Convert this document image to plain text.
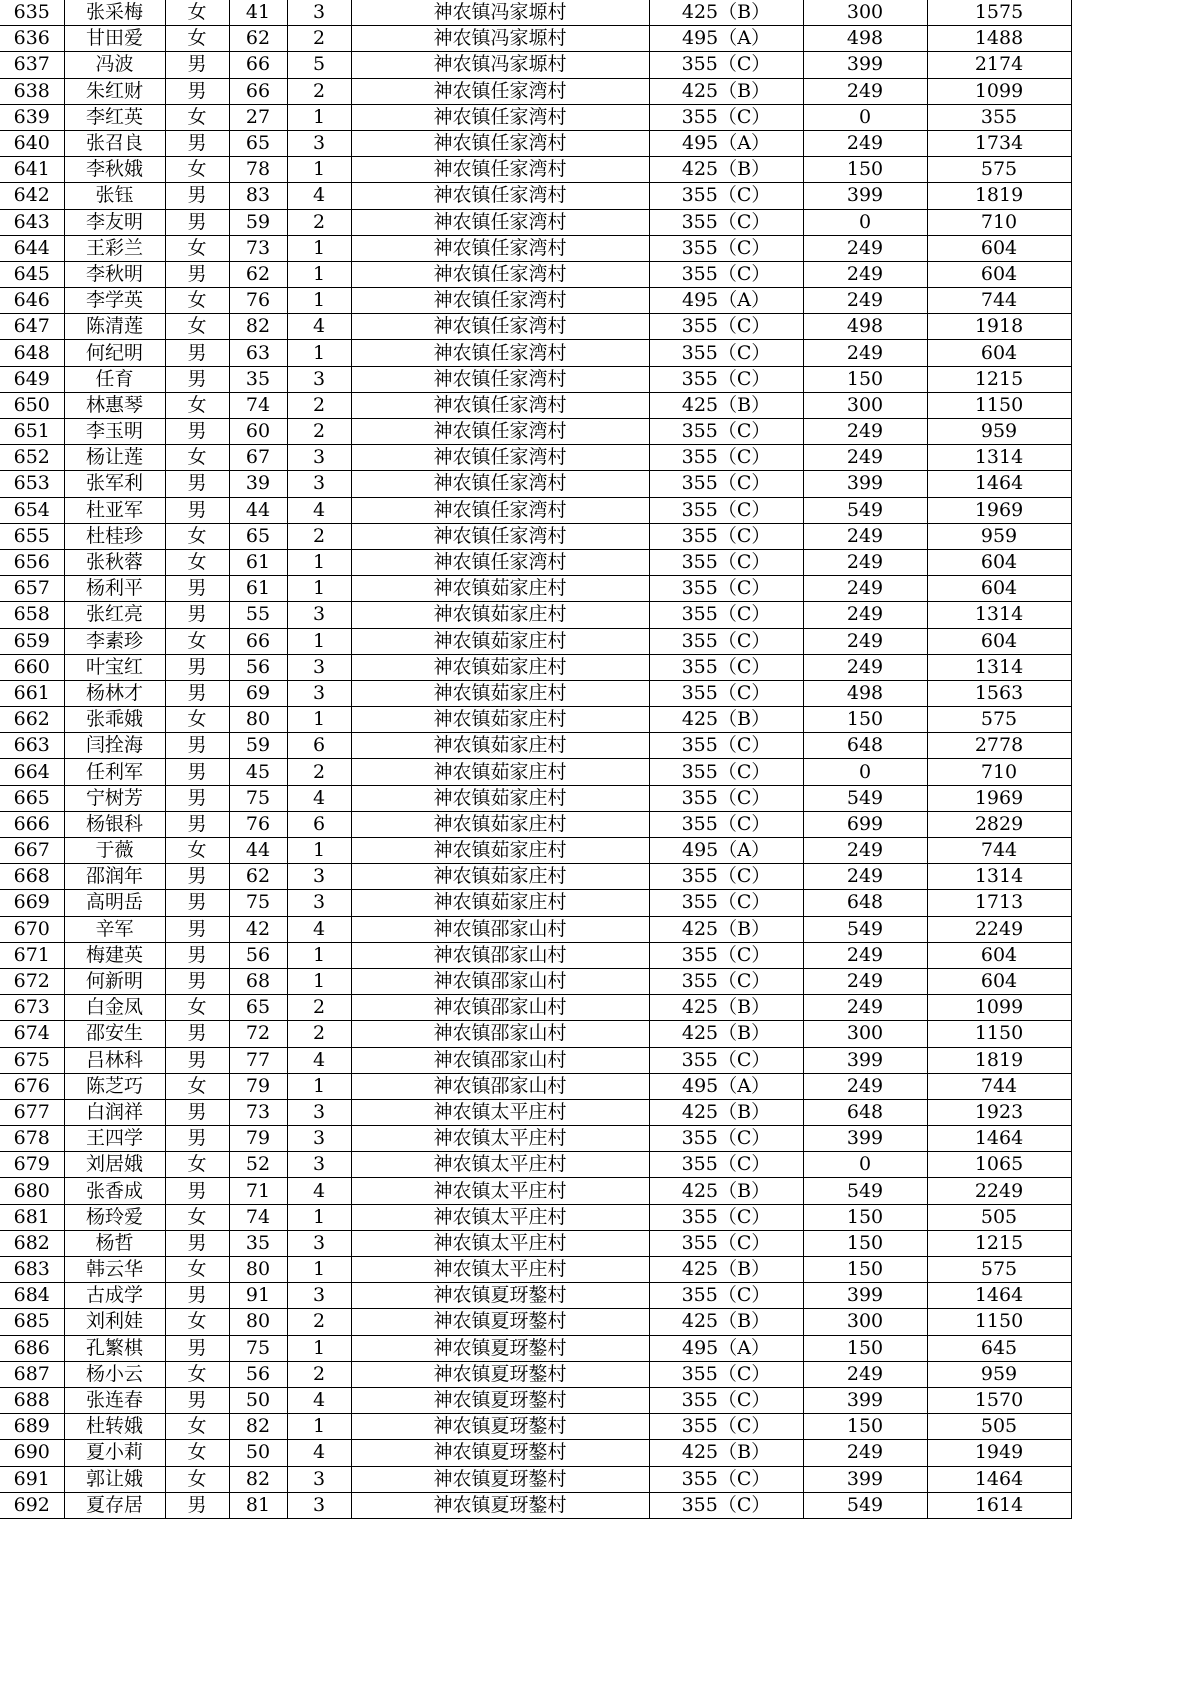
635	张采梅	女	41	3	神农镇冯家塬村	425（B）	300	1575
636	甘田爱	女	62	2	神农镇冯家塬村	495（A）	498	1488
637	冯波	男	66	5	神农镇冯家塬村	355（C）	399	2174
638	朱红财	男	66	2	神农镇任家湾村	425（B）	249	1099
639	李红英	女	27	1	神农镇任家湾村	355（C）	0	355
640	张召良	男	65	3	神农镇任家湾村	495（A）	249	1734
641	李秋娥	女	78	1	神农镇任家湾村	425（B）	150	575
642	张钰	男	83	4	神农镇任家湾村	355（C）	399	1819
643	李友明	男	59	2	神农镇任家湾村	355（C）	0	710
644	王彩兰	女	73	1	神农镇任家湾村	355（C）	249	604
645	李秋明	男	62	1	神农镇任家湾村	355（C）	249	604
646	李学英	女	76	1	神农镇任家湾村	495（A）	249	744
647	陈清莲	女	82	4	神农镇任家湾村	355（C）	498	1918
648	何纪明	男	63	1	神农镇任家湾村	355（C）	249	604
649	任育	男	35	3	神农镇任家湾村	355（C）	150	1215
650	林惠琴	女	74	2	神农镇任家湾村	425（B）	300	1150
651	李玉明	男	60	2	神农镇任家湾村	355（C）	249	959
652	杨让莲	女	67	3	神农镇任家湾村	355（C）	249	1314
653	张军利	男	39	3	神农镇任家湾村	355（C）	399	1464
654	杜亚军	男	44	4	神农镇任家湾村	355（C）	549	1969
655	杜桂珍	女	65	2	神农镇任家湾村	355（C）	249	959
656	张秋蓉	女	61	1	神农镇任家湾村	355（C）	249	604
657	杨利平	男	61	1	神农镇茹家庄村	355（C）	249	604
658	张红亮	男	55	3	神农镇茹家庄村	355（C）	249	1314
659	李素珍	女	66	1	神农镇茹家庄村	355（C）	249	604
660	叶宝红	男	56	3	神农镇茹家庄村	355（C）	249	1314
661	杨林才	男	69	3	神农镇茹家庄村	355（C）	498	1563
662	张乖娥	女	80	1	神农镇茹家庄村	425（B）	150	575
663	闫拴海	男	59	6	神农镇茹家庄村	355（C）	648	2778
664	任利军	男	45	2	神农镇茹家庄村	355（C）	0	710
665	宁树芳	男	75	4	神农镇茹家庄村	355（C）	549	1969
666	杨银科	男	76	6	神农镇茹家庄村	355（C）	699	2829
667	于薇	女	44	1	神农镇茹家庄村	495（A）	249	744
668	邵润年	男	62	3	神农镇茹家庄村	355（C）	249	1314
669	高明岳	男	75	3	神农镇茹家庄村	355（C）	648	1713
670	辛军	男	42	4	神农镇邵家山村	425（B）	549	2249
671	梅建英	男	56	1	神农镇邵家山村	355（C）	249	604
672	何新明	男	68	1	神农镇邵家山村	355（C）	249	604
673	白金凤	女	65	2	神农镇邵家山村	425（B）	249	1099
674	邵安生	男	72	2	神农镇邵家山村	425（B）	300	1150
675	吕林科	男	77	4	神农镇邵家山村	355（C）	399	1819
676	陈芝巧	女	79	1	神农镇邵家山村	495（A）	249	744
677	白润祥	男	73	3	神农镇太平庄村	425（B）	648	1923
678	王四学	男	79	3	神农镇太平庄村	355（C）	399	1464
679	刘居娥	女	52	3	神农镇太平庄村	355（C）	0	1065
680	张香成	男	71	4	神农镇太平庄村	425（B）	549	2249
681	杨玲爱	女	74	1	神农镇太平庄村	355（C）	150	505
682	杨哲	男	35	3	神农镇太平庄村	355（C）	150	1215
683	韩云华	女	80	1	神农镇太平庄村	425（B）	150	575
684	古成学	男	91	3	神农镇夏玡鏊村	355（C）	399	1464
685	刘利娃	女	80	2	神农镇夏玡鏊村	425（B）	300	1150
686	孔繁棋	男	75	1	神农镇夏玡鏊村	495（A）	150	645
687	杨小云	女	56	2	神农镇夏玡鏊村	355（C）	249	959
688	张连春	男	50	4	神农镇夏玡鏊村	355（C）	399	1570
689	杜转娥	女	82	1	神农镇夏玡鏊村	355（C）	150	505
690	夏小莉	女	50	4	神农镇夏玡鏊村	425（B）	249	1949
691	郭让娥	女	82	3	神农镇夏玡鏊村	355（C）	399	1464
692	夏存居	男	81	3	神农镇夏玡鏊村	355（C）	549	1614
